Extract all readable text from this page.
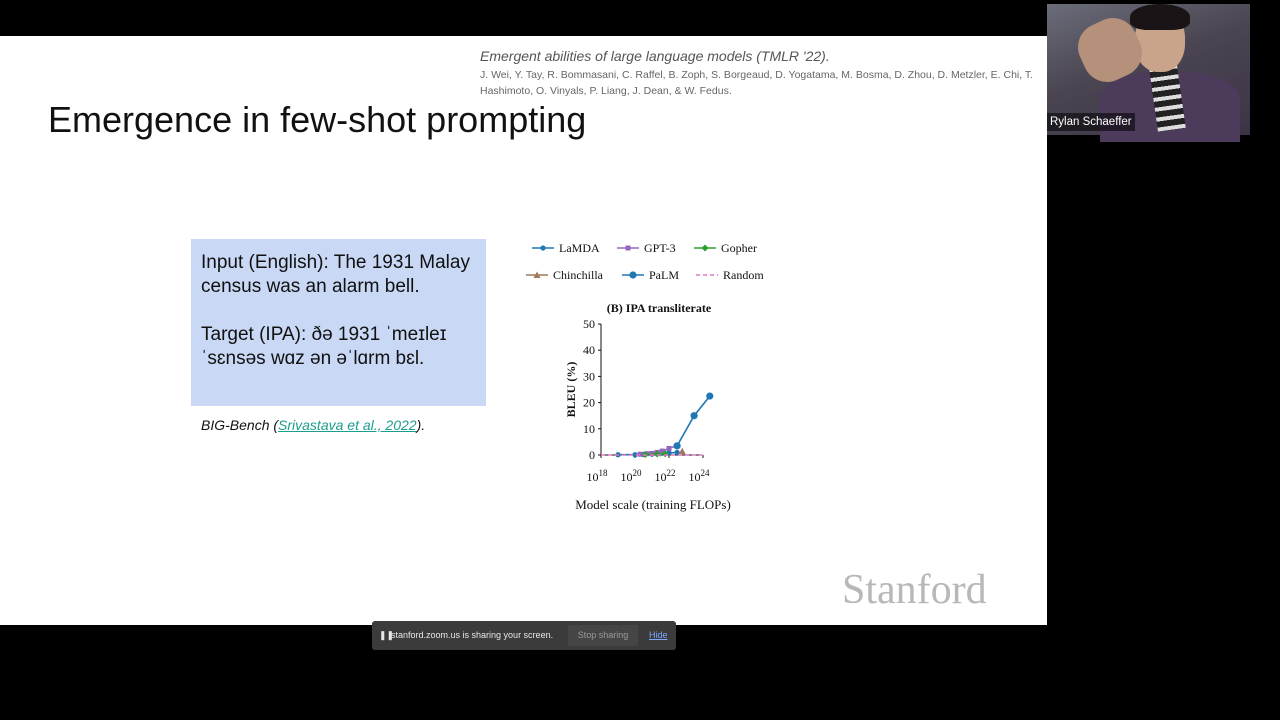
Emergent abilities of large language models (TMLR '22).
J. Wei, Y. Tay, R. Bommasani, C. Raffel, B. Zoph, S. Borgeaud, D. Yogatama, M. Bosma, D. Zhou, D. Metzler, E. Chi, T. Hashimoto, O. Vinyals, P. Liang, J. Dean, & W. Fedus.
Emergence in few-shot prompting

Input (English): The 1931 Malay census was an alarm bell.

Target (IPA): ðə 1931 ˈmeɪleɪ ˈsɛnsəs wɑz ən əˈlɑrm bɛl.

BIG-Bench (Srivastava et al., 2022).
LaMDA	GPT-3	Gopher
Chinchilla	PaLM	Random
(B) IPA transliterate
0
10
20
30
40
50
$10^{18}$ $10^{20}$ $10^{22}$ $10^{24}$
BLEU (%)
Model scale (training FLOPs)
Stanford
Rylan Schaeffer
❚❚
stanford.zoom.us is sharing your screen.	Stop sharing	Hide
